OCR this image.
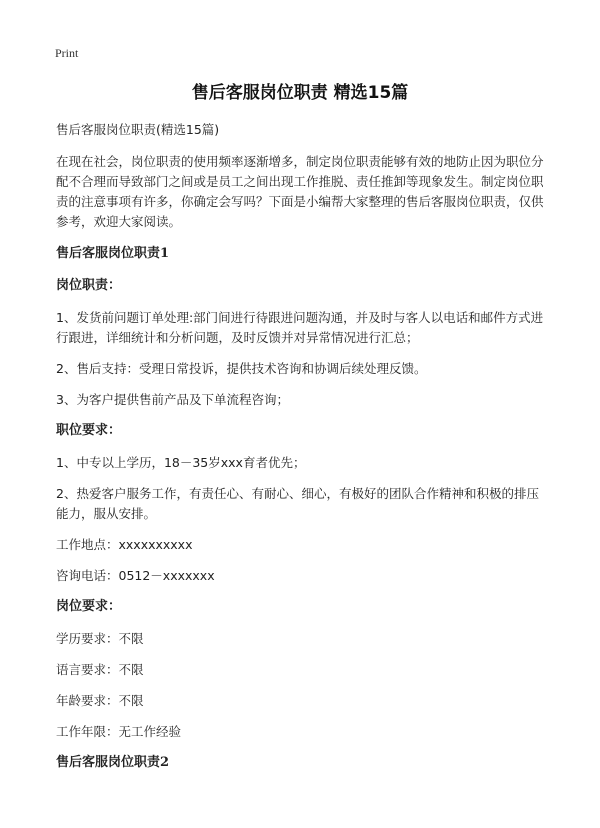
Print
售后客服岗位职责 精选15篇

售后客服岗位职责(精选15篇)

在现在社会，岗位职责的使用频率逐渐增多，制定岗位职责能够有效的地防止因为职位分配不合理而导致部门之间或是员工之间出现工作推脱、责任推卸等现象发生。制定岗位职责的注意事项有许多，你确定会写吗？下面是小编帮大家整理的售后客服岗位职责，仅供参考，欢迎大家阅读。

售后客服岗位职责1

岗位职责：

1、发货前问题订单处理:部门间进行待跟进问题沟通，并及时与客人以电话和邮件方式进行跟进，详细统计和分析问题，及时反馈并对异常情况进行汇总；

2、售后支持：受理日常投诉，提供技术咨询和协调后续处理反馈。

3、为客户提供售前产品及下单流程咨询；

职位要求：

1、中专以上学历，18－35岁xxx育者优先；

2、热爱客户服务工作，有责任心、有耐心、细心，有极好的团队合作精神和积极的排压能力，服从安排。

工作地点：xxxxxxxxxx

咨询电话：0512－xxxxxxx

岗位要求：

学历要求：不限

语言要求：不限

年龄要求：不限

工作年限：无工作经验

售后客服岗位职责2
